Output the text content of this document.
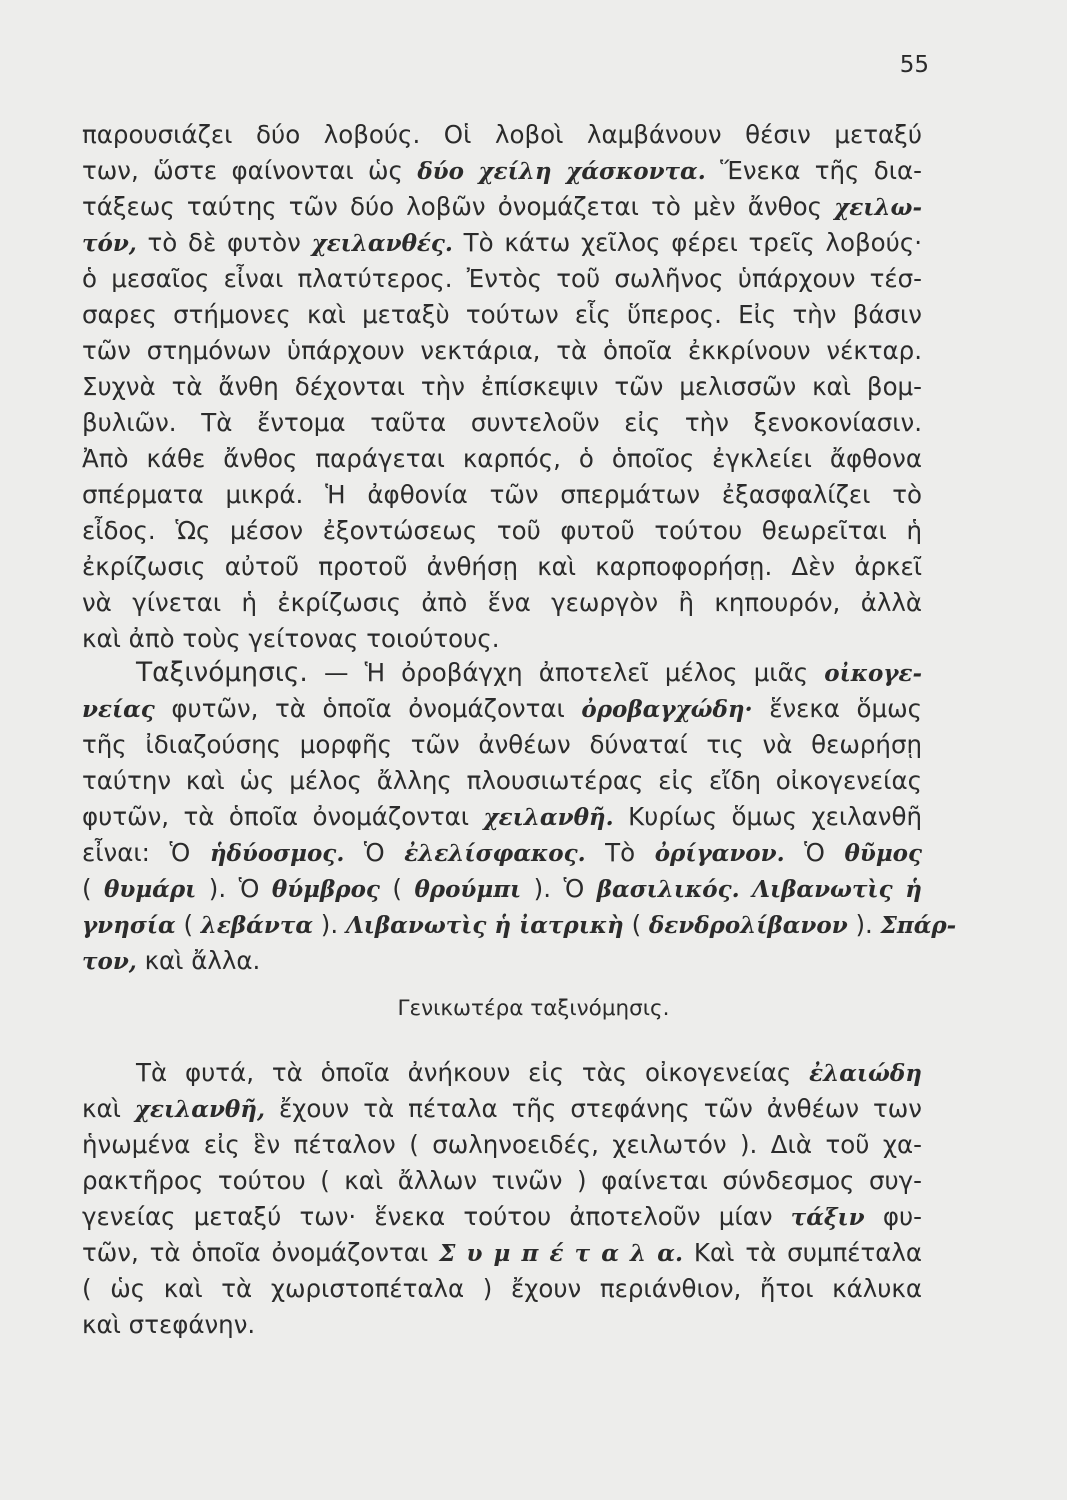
55
παρουσιάζει δύο λοβούς. Οἱ λοβοὶ λαμβάνουν θέσιν μεταξύ
των, ὥστε φαίνονται ὡς δύο χείλη χάσκοντα. Ἕνεκα τῆς δια-
τάξεως ταύτης τῶν δύο λοβῶν ὀνομάζεται τὸ μὲν ἄνθος χειλω-
τόν, τὸ δὲ φυτὸν χειλανθές. Τὸ κάτω χεῖλος φέρει τρεῖς λοβούς·
ὁ μεσαῖος εἶναι πλατύτερος. Ἐντὸς τοῦ σωλῆνος ὑπάρχουν τέσ-
σαρες στήμονες καὶ μεταξὺ τούτων εἷς ὕπερος. Εἰς τὴν βάσιν
τῶν στημόνων ὑπάρχουν νεκτάρια, τὰ ὁποῖα ἐκκρίνουν νέκταρ.
Συχνὰ τὰ ἄνθη δέχονται τὴν ἐπίσκεψιν τῶν μελισσῶν καὶ βομ-
βυλιῶν. Τὰ ἔντομα ταῦτα συντελοῦν εἰς τὴν ξενοκονίασιν.
Ἀπὸ κάθε ἄνθος παράγεται καρπός, ὁ ὁποῖος ἐγκλείει ἄφθονα
σπέρματα μικρά. Ἡ ἀφθονία τῶν σπερμάτων ἐξασφαλίζει τὸ
εἶδος. Ὡς μέσον ἐξοντώσεως τοῦ φυτοῦ τούτου θεωρεῖται ἡ
ἐκρίζωσις αὐτοῦ προτοῦ ἀνθήσῃ καὶ καρποφορήσῃ. Δὲν ἀρκεῖ
νὰ γίνεται ἡ ἐκρίζωσις ἀπὸ ἕνα γεωργὸν ἢ κηπουρόν, ἀλλὰ
καὶ ἀπὸ τοὺς γείτονας τοιούτους.
Ταξινόμησις. — Ἡ ὀροβάγχη ἀποτελεῖ μέλος μιᾶς οἰκογε-
νείας φυτῶν, τὰ ὁποῖα ὀνομάζονται ὀροβαγχώδη· ἕνεκα ὅμως
τῆς ἰδιαζούσης μορφῆς τῶν ἀνθέων δύναταί τις νὰ θεωρήσῃ
ταύτην καὶ ὡς μέλος ἄλλης πλουσιωτέρας εἰς εἴδη οἰκογενείας
φυτῶν, τὰ ὁποῖα ὀνομάζονται χειλανθῆ. Κυρίως ὅμως χειλανθῆ
εἶναι: Ὁ ἡδύοσμος. Ὁ ἐλελίσφακος. Τὸ ὀρίγανον. Ὁ θῦμος
( θυμάρι ). Ὁ θύμβρος ( θρούμπι ). Ὁ βασιλικός. Λιβανωτὶς ἡ
γνησία ( λεβάντα ). Λιβανωτὶς ἡ ἰατρικὴ ( δενδρολίβανον ). Σπάρ-
τον, καὶ ἄλλα.
Γενικωτέρα ταξινόμησις.
Τὰ φυτά, τὰ ὁποῖα ἀνήκουν εἰς τὰς οἰκογενείας ἐλαιώδη
καὶ χειλανθῆ, ἔχουν τὰ πέταλα τῆς στεφάνης τῶν ἀνθέων των
ἡνωμένα εἰς ἓν πέταλον ( σωληνοειδές, χειλωτόν ). Διὰ τοῦ χα-
ρακτῆρος τούτου ( καὶ ἄλλων τινῶν ) φαίνεται σύνδεσμος συγ-
γενείας μεταξύ των· ἕνεκα τούτου ἀποτελοῦν μίαν τάξιν φυ-
τῶν, τὰ ὁποῖα ὀνομάζονται Σ υ μ π έ τ α λ α. Καὶ τὰ συμπέταλα
( ὡς καὶ τὰ χωριστοπέταλα ) ἔχουν περιάνθιον, ἤτοι κάλυκα
καὶ στεφάνην.
